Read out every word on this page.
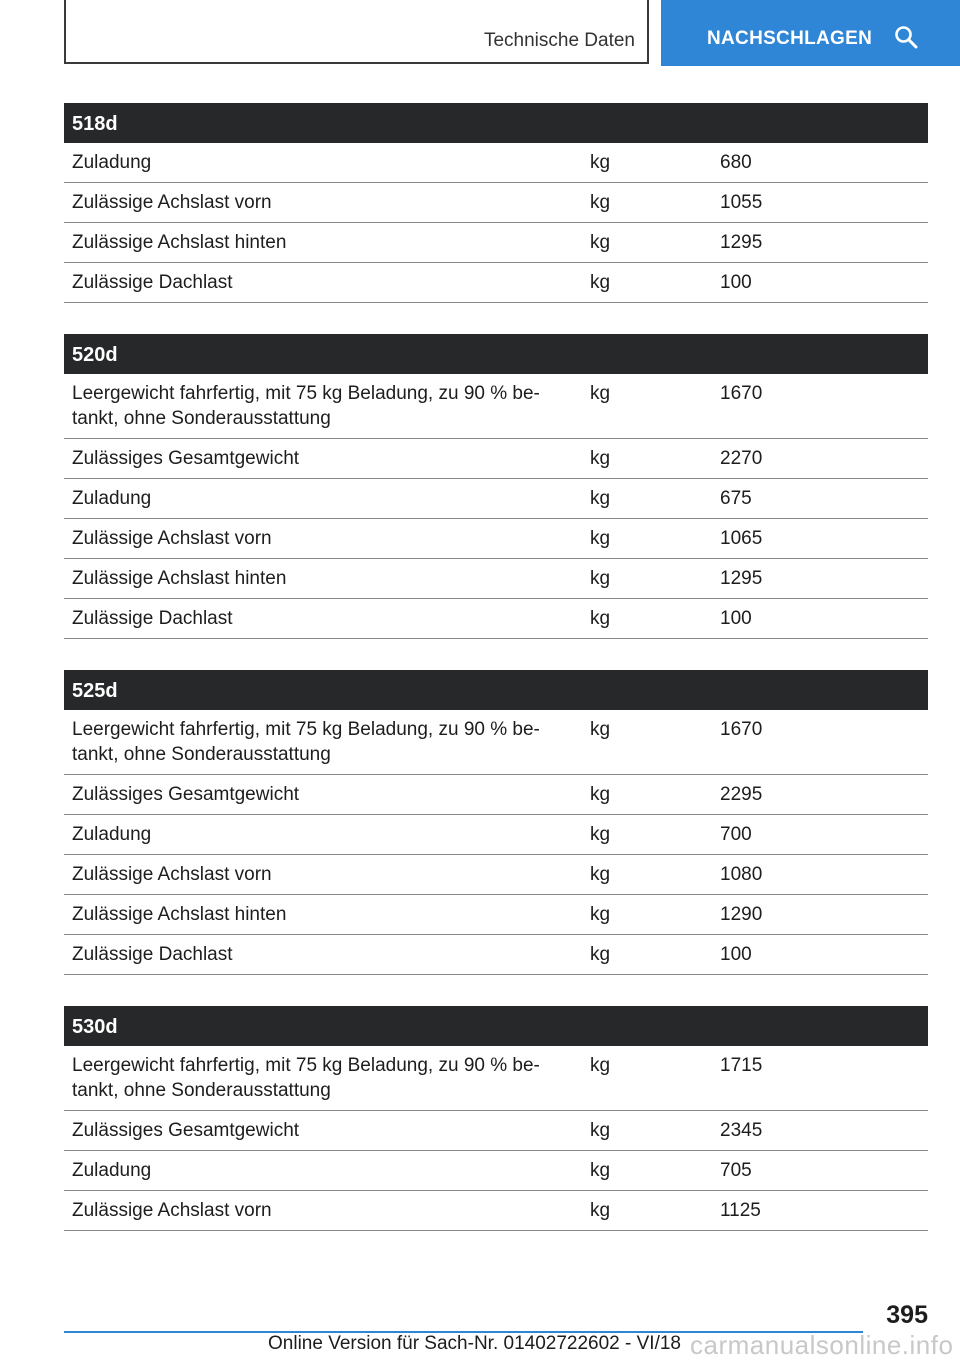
Technische Daten	NACHSCHLAGEN
518d
Zuladung	kg	680
Zulässige Achslast vorn	kg	1055
Zulässige Achslast hinten	kg	1295
Zulässige Dachlast	kg	100
520d
Leergewicht fahrfertig, mit 75 kg Beladung, zu 90 % be-
tankt, ohne Sonderausstattung
kg	1670
Zulässiges Gesamtgewicht	kg	2270
Zuladung	kg	675
Zulässige Achslast vorn	kg	1065
Zulässige Achslast hinten	kg	1295
Zulässige Dachlast	kg	100
525d
Leergewicht fahrfertig, mit 75 kg Beladung, zu 90 % be-
tankt, ohne Sonderausstattung
kg	1670
Zulässiges Gesamtgewicht	kg	2295
Zuladung	kg	700
Zulässige Achslast vorn	kg	1080
Zulässige Achslast hinten	kg	1290
Zulässige Dachlast	kg	100
530d
Leergewicht fahrfertig, mit 75 kg Beladung, zu 90 % be-
tankt, ohne Sonderausstattung
kg	1715
Zulässiges Gesamtgewicht	kg	2345
Zuladung	kg	705
Zulässige Achslast vorn	kg	1125
395
Online Version für Sach-Nr. 01402722602 - VI/18 carmanualsonline.info
